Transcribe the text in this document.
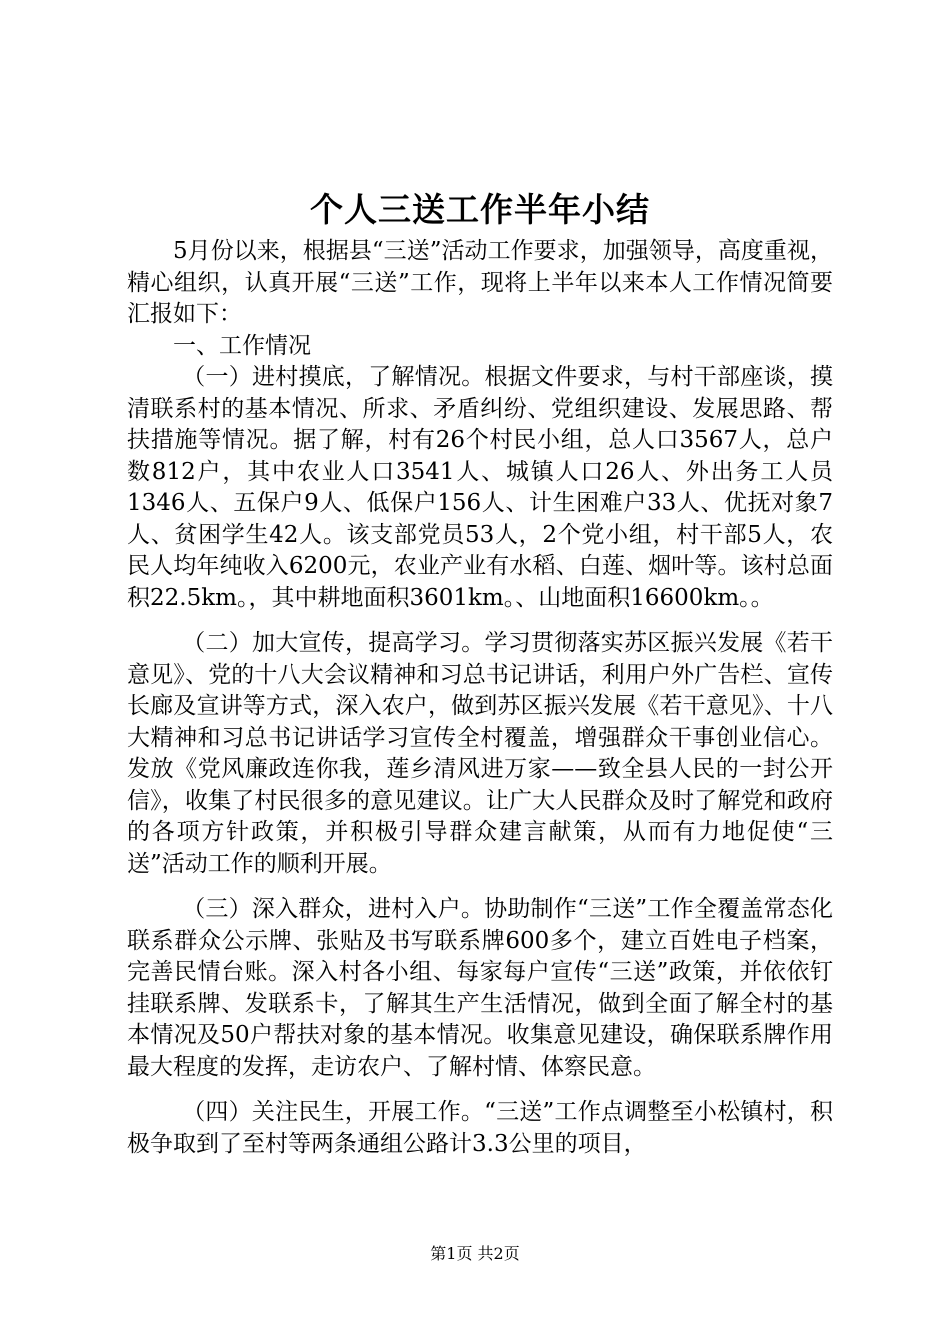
个人三送工作半年小结

5月份以来，根据县“三送”活动工作要求，加强领导，高度重视，精心组织，认真开展“三送”工作，现将上半年以来本人工作情况简要汇报如下：

一、工作情况

（一）进村摸底，了解情况。根据文件要求，与村干部座谈，摸清联系村的基本情况、所求、矛盾纠纷、党组织建设、发展思路、帮扶措施等情况。据了解，村有26个村民小组，总人口3567人，总户数812户，其中农业人口3541人、城镇人口26人、外出务工人员1346人、五保户9人、低保户156人、计生困难户33人、优抚对象7人、贫困学生42人。该支部党员53人，2个党小组，村干部5人，农民人均年纯收入6200元，农业产业有水稻、白莲、烟叶等。该村总面积22.5km。，其中耕地面积3601km。、山地面积16600km。。

（二）加大宣传，提高学习。学习贯彻落实苏区振兴发展《若干意见》、党的十八大会议精神和习总书记讲话，利用户外广告栏、宣传长廊及宣讲等方式，深入农户，做到苏区振兴发展《若干意见》、十八大精神和习总书记讲话学习宣传全村覆盖，增强群众干事创业信心。发放《党风廉政连你我，莲乡清风进万家——致全县人民的一封公开信》，收集了村民很多的意见建议。让广大人民群众及时了解党和政府的各项方针政策，并积极引导群众建言献策，从而有力地促使“三送”活动工作的顺利开展。

（三）深入群众，进村入户。协助制作“三送”工作全覆盖常态化联系群众公示牌、张贴及书写联系牌600多个，建立百姓电子档案，完善民情台账。深入村各小组、每家每户宣传“三送”政策，并依依钉挂联系牌、发联系卡，了解其生产生活情况，做到全面了解全村的基本情况及50户帮扶对象的基本情况。收集意见建设，确保联系牌作用最大程度的发挥，走访农户、了解村情、体察民意。

（四）关注民生，开展工作。“三送”工作点调整至小松镇村，积极争取到了至村等两条通组公路计3.3公里的项目，

第1页 共2页
